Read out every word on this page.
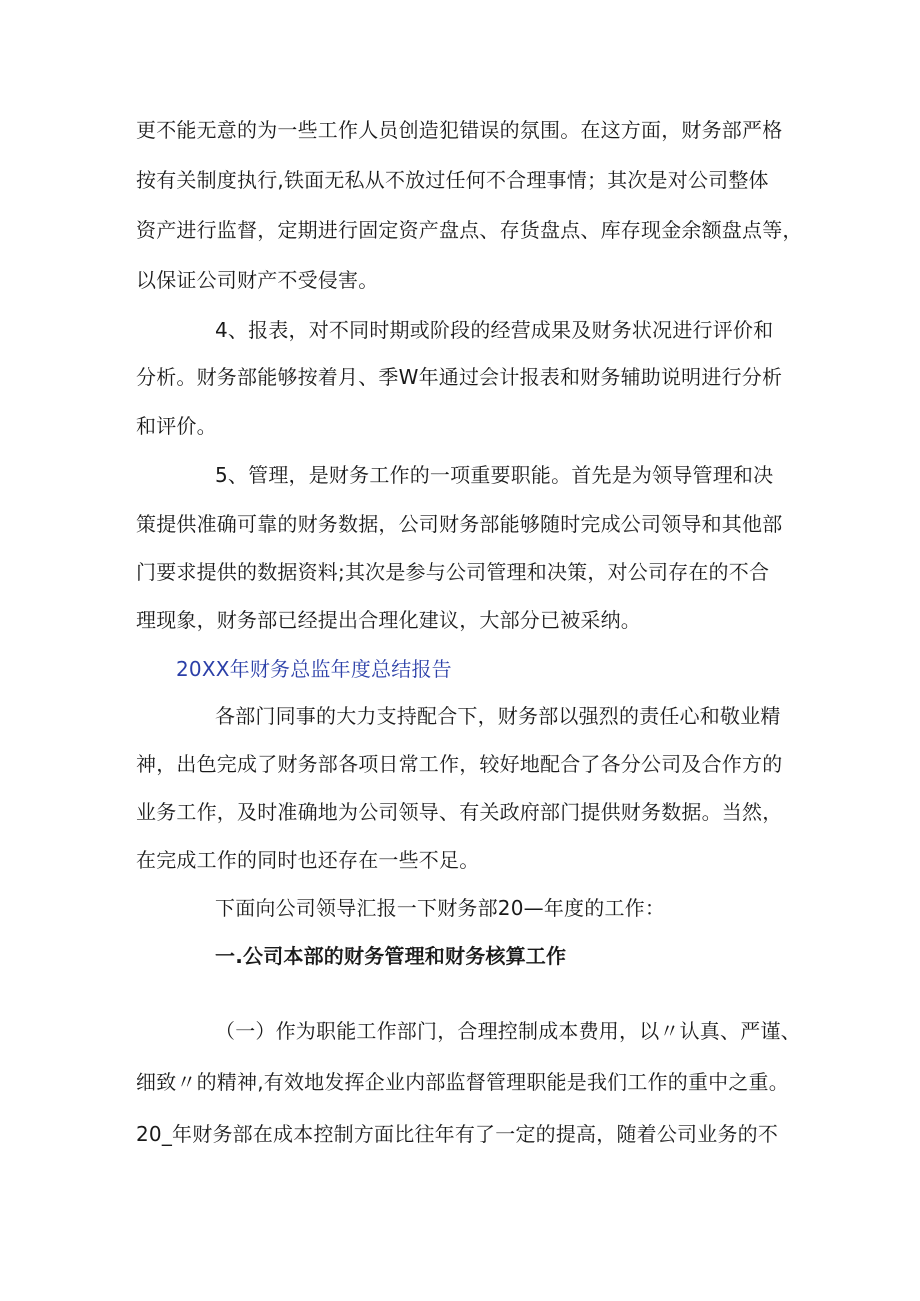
更不能无意的为一些工作人员创造犯错误的氛围。在这方面，财务部严格
按有关制度执行,铁面无私从不放过任何不合理事情；其次是对公司整体
资产进行监督，定期进行固定资产盘点、存货盘点、库存现金余额盘点等，
以保证公司财产不受侵害。
4、报表，对不同时期或阶段的经营成果及财务状况进行评价和
分析。财务部能够按着月、季W年通过会计报表和财务辅助说明进行分析
和评价。
5、管理，是财务工作的一项重要职能。首先是为领导管理和决
策提供准确可靠的财务数据，公司财务部能够随时完成公司领导和其他部
门要求提供的数据资料;其次是参与公司管理和决策，对公司存在的不合
理现象，财务部已经提出合理化建议，大部分已被采纳。
20XX年财务总监年度总结报告
各部门同事的大力支持配合下，财务部以强烈的责任心和敬业精
神，出色完成了财务部各项日常工作，较好地配合了各分公司及合作方的
业务工作，及时准确地为公司领导、有关政府部门提供财务数据。当然，
在完成工作的同时也还存在一些不足。
下面向公司领导汇报一下财务部20—年度的工作：
一.公司本部的财务管理和财务核算工作
（一）作为职能工作部门，合理控制成本费用，以〃认真、严谨、
细致〃的精神,有效地发挥企业内部监督管理职能是我们工作的重中之重。
20_年财务部在成本控制方面比往年有了一定的提高，随着公司业务的不
